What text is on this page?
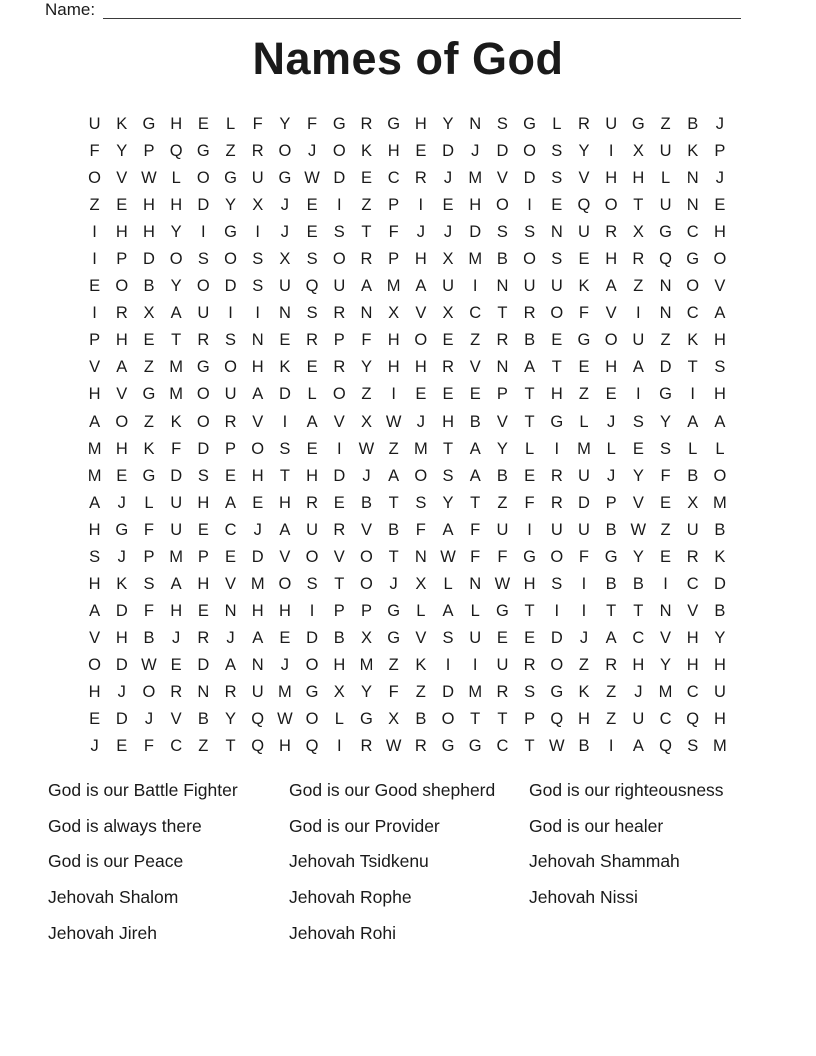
Name:
Names of God
U K G H E	L	F	Y	F G R G H Y N S G L	R U G Z	B	J
F	Y P Q G Z R O	J	O K H E D	J	D O S Y	I	X U K P
O V W L O G U G W D E C R	J M V D S V H H	L	N	J
Z	E H H D Y X	J	E	I	Z	P	I	E H O	I	E Q O T U N E
I	H H Y	I	G	I	J	E S	T	F	J	J	D S S N U R X G C H
I	P D O S O S X S O R P H X M B O S E H R Q G O
E O B Y O D S U Q U A M A U	I	N U U K A	Z N O V
I	R X A U	I	I	N S R N X V X C T R O F	V	I	N C A
P H E	T R S N E R P	F H O E	Z R B E G O U Z	K H
V A	Z M G O H K E R Y H H R V N A	T	E H A D T	S
H V G M O U A D	L O Z	I	E E E P	T H Z	E	I	G	I	H
A O Z	K O R V	I	A V X W J	H B V	T G L	J	S Y A A
M H K	F D P O S E	I	W Z M T	A Y	L	I	M L	E S	L	L
M E G D S E H T H D	J	A O S A B E R U	J	Y	F	B O
A	J	L	U H A E H R E B	T	S Y	T	Z	F R D P V E X M
H G F U E C	J	A U R V B	F	A	F U	I	U U B W Z U B
S	J	P M P E D V O V O T N W F	F G O F G Y E R K
H K S A H V M O S	T O	J	X	L	N W H S	I	B B	I	C D
A D F H E N H H	I	P P G L	A	L G T	I	I	T	T N V B
V H B	J	R	J	A E D B X G V S U E E D	J	A C V H Y
O D W E D A N	J	O H M Z	K	I	I	U R O Z R H Y H H
H	J	O R N R U M G X Y	F	Z D M R S G K	Z	J M C U
E D	J	V B Y Q W O L G X B O T	T	P Q H Z U C Q H
J	E	F C Z	T Q H Q	I	R W R G G C T W B	I	A Q S M
God is our Battle Fighter
God is always there
God is our Peace
Jehovah Shalom
Jehovah Jireh
God is our Good shepherd
God is our Provider
Jehovah Tsidkenu
Jehovah Rophe
Jehovah Rohi
God is our righteousness
God is our healer
Jehovah Shammah
Jehovah Nissi
